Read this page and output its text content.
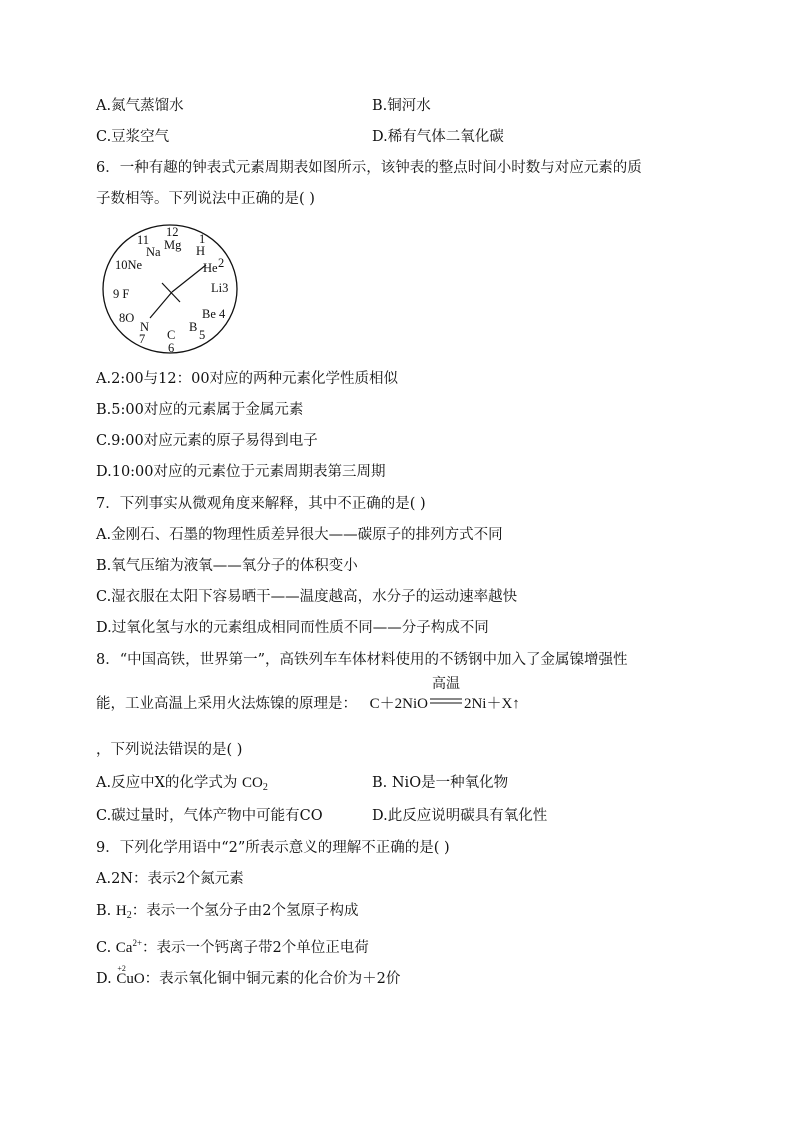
A.氮气蒸馏水	B.铜河水
C.豆浆空气	D.稀有气体二氧化碳
6．一种有趣的钟表式元素周期表如图所示，该钟表的整点时间小时数与对应元素的质
子数相等。下列说法中正确的是( )
12
Mg 1
H
11
Na
He 2
10Ne
Li3
9 F
8O
N
7 C
6
B
5
Be 4
A.2:00与12：00对应的两种元素化学性质相似
B.5:00对应的元素属于金属元素
C.9:00对应元素的原子易得到电子
D.10:00对应的元素位于元素周期表第三周期
7．下列事实从微观角度来解释，其中不正确的是( )
A.金刚石、石墨的物理性质差异很大——碳原子的排列方式不同
B.氧气压缩为液氧——氧分子的体积变小
C.湿衣服在太阳下容易晒干——温度越高，水分子的运动速率越快
D.过氧化氢与水的元素组成相同而性质不同——分子构成不同
8．“中国高铁，世界第一”，高铁列车车体材料使用的不锈钢中加入了金属镍增强性
能，工业高温上采用火法炼镍的原理是： C＋2NiO
高温
2Ni＋X↑
，下列说法错误的是( )
A.反应中X的化学式为 $CO_2$	B. NiO是一种氧化物
C.碳过量时，气体产物中可能有CO	D.此反应说明碳具有氧化性
9．下列化学用语中“2”所表示意义的理解不正确的是( )
A.2N：表示2个氮元素
B. $H_2$：表示一个氢分子由2个氢原子构成
C. $Ca^{2+}$：表示一个钙离子带2个单位正电荷
D.
+2
CuO：表示氧化铜中铜元素的化合价为＋2价
